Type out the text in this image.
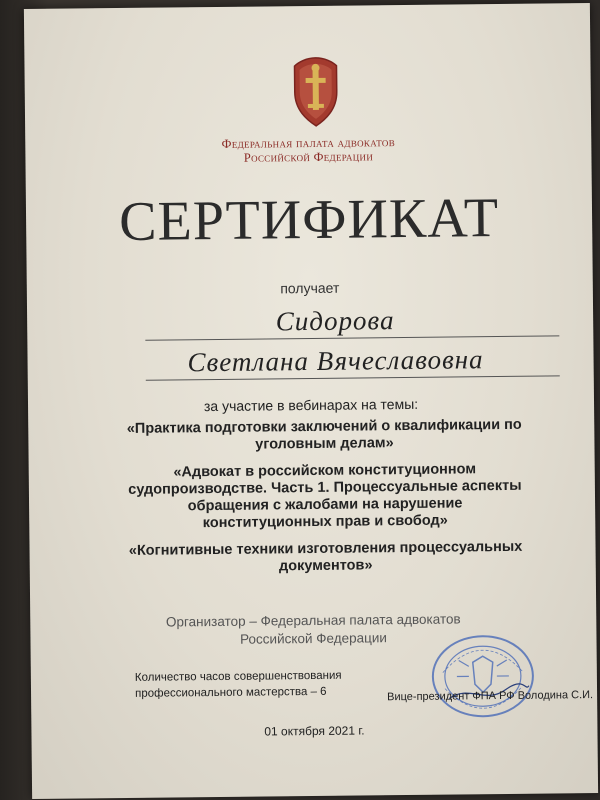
Федеральная палата адвокатов
Российской Федерации
СЕРТИФИКАТ
получает
Сидорова
Светлана Вячеславовна
за участие в вебинарах на темы:
«Практика подготовки заключений о квалификации по уголовным делам»
«Адвокат в российском конституционном судопроизводстве. Часть 1. Процессуальные аспекты обращения с жалобами на нарушение конституционных прав и свобод»
«Когнитивные техники изготовления процессуальных документов»
Организатор – Федеральная палата адвокатов
Российской Федерации
Количество часов совершенствования
профессионального мастерства – 6	Вице-президент ФПА РФ Володина С.И.
01 октября 2021 г.
